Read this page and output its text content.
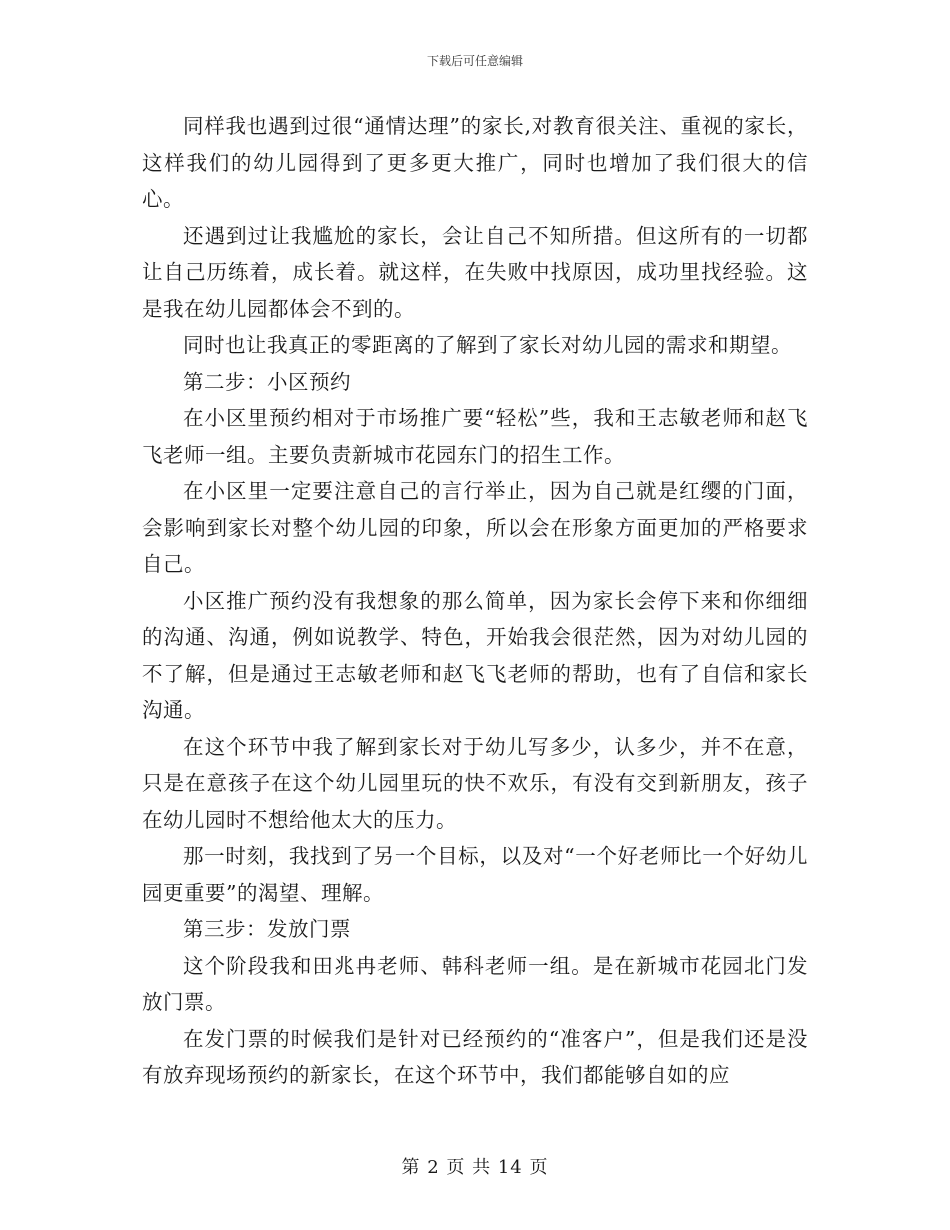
下载后可任意编辑

同样我也遇到过很“通情达理”的家长,对教育很关注、重视的家长，这样我们的幼儿园得到了更多更大推广，同时也增加了我们很大的信心。

还遇到过让我尴尬的家长，会让自己不知所措。但这所有的一切都让自己历练着，成长着。就这样，在失败中找原因，成功里找经验。这是我在幼儿园都体会不到的。

同时也让我真正的零距离的了解到了家长对幼儿园的需求和期望。

第二步：小区预约

在小区里预约相对于市场推广要“轻松”些，我和王志敏老师和赵飞飞老师一组。主要负责新城市花园东门的招生工作。

在小区里一定要注意自己的言行举止，因为自己就是红缨的门面，会影响到家长对整个幼儿园的印象，所以会在形象方面更加的严格要求自己。

小区推广预约没有我想象的那么简单，因为家长会停下来和你细细的沟通、沟通，例如说教学、特色，开始我会很茫然，因为对幼儿园的不了解，但是通过王志敏老师和赵飞飞老师的帮助，也有了自信和家长沟通。

在这个环节中我了解到家长对于幼儿写多少，认多少，并不在意，只是在意孩子在这个幼儿园里玩的快不欢乐，有没有交到新朋友，孩子在幼儿园时不想给他太大的压力。

那一时刻，我找到了另一个目标，以及对“一个好老师比一个好幼儿园更重要”的渴望、理解。

第三步：发放门票

这个阶段我和田兆冉老师、韩科老师一组。是在新城市花园北门发放门票。

在发门票的时候我们是针对已经预约的“准客户”，但是我们还是没有放弃现场预约的新家长，在这个环节中，我们都能够自如的应

第 2 页 共 14 页
